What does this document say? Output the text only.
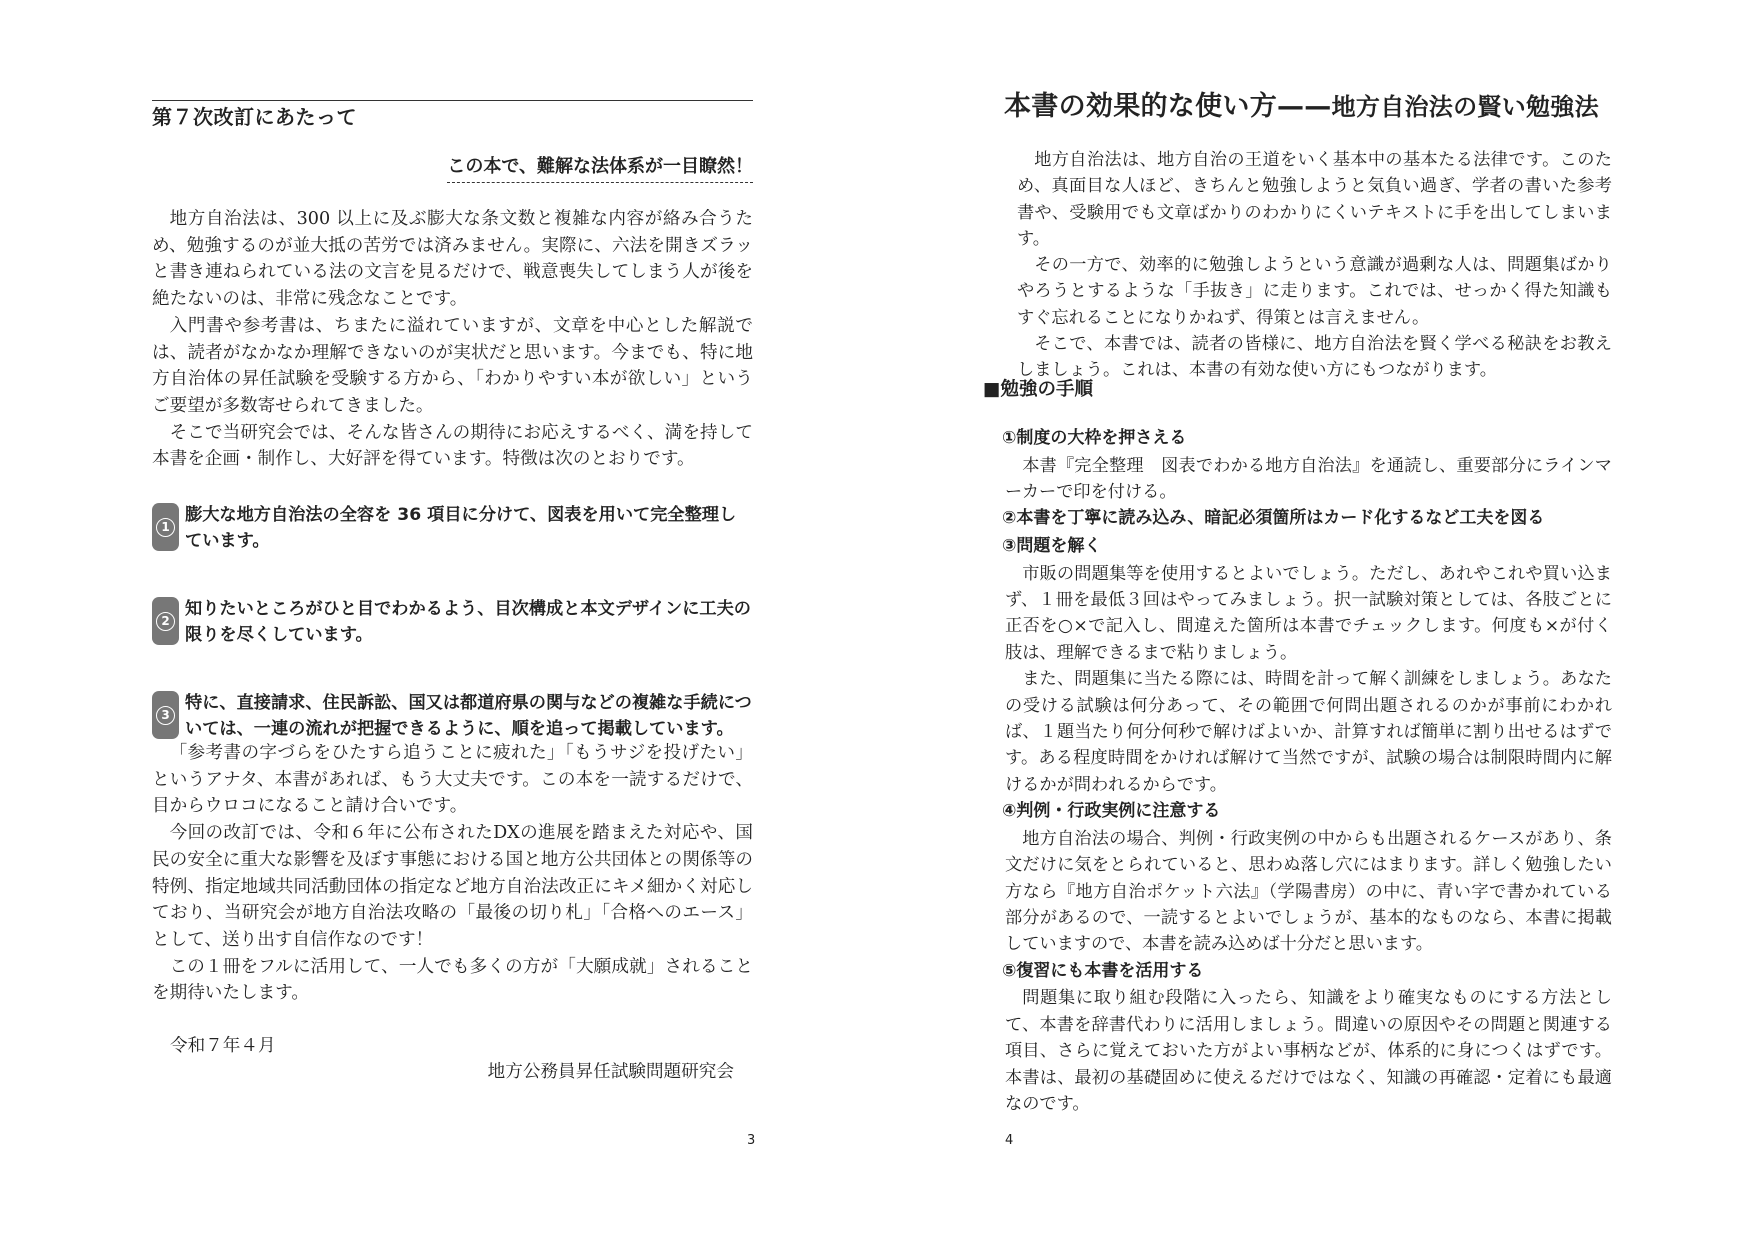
第７次改訂にあたって

この本で、難解な法体系が一目瞭然！

地方自治法は、300 以上に及ぶ膨大な条文数と複雑な内容が絡み合うため、勉強するのが並大抵の苦労では済みません。実際に、六法を開きズラッと書き連ねられている法の文言を見るだけで、戦意喪失してしまう人が後を絶たないのは、非常に残念なことです。

入門書や参考書は、ちまたに溢れていますが、文章を中心とした解説では、読者がなかなか理解できないのが実状だと思います。今までも、特に地方自治体の昇任試験を受験する方から、「わかりやすい本が欲しい」というご要望が多数寄せられてきました。

そこで当研究会では、そんな皆さんの期待にお応えするべく、満を持して本書を企画・制作し、大好評を得ています。特徴は次のとおりです。

1
膨大な地方自治法の全容を 36 項目に分けて、図表を用いて完全整理しています。
2
知りたいところがひと目でわかるよう、目次構成と本文デザインに工夫の限りを尽くしています。
3
特に、直接請求、住民訴訟、国又は都道府県の関与などの複雑な手続については、一連の流れが把握できるように、順を追って掲載しています。

「参考書の字づらをひたすら追うことに疲れた」「もうサジを投げたい」というアナタ、本書があれば、もう大丈夫です。この本を一読するだけで、目からウロコになること請け合いです。

今回の改訂では、令和６年に公布されたDXの進展を踏まえた対応や、国民の安全に重大な影響を及ぼす事態における国と地方公共団体との関係等の特例、指定地域共同活動団体の指定など地方自治法改正にキメ細かく対応しており、当研究会が地方自治法攻略の「最後の切り札」「合格へのエース」として、送り出す自信作なのです！

この１冊をフルに活用して、一人でも多くの方が「大願成就」されることを期待いたします。

令和７年４月

地方公務員昇任試験問題研究会

3
本書の効果的な使い方——地方自治法の賢い勉強法

地方自治法は、地方自治の王道をいく基本中の基本たる法律です。このため、真面目な人ほど、きちんと勉強しようと気負い過ぎ、学者の書いた参考書や、受験用でも文章ばかりのわかりにくいテキストに手を出してしまいます。

その一方で、効率的に勉強しようという意識が過剰な人は、問題集ばかりやろうとするような「手抜き」に走ります。これでは、せっかく得た知識もすぐ忘れることになりかねず、得策とは言えません。

そこで、本書では、読者の皆様に、地方自治法を賢く学べる秘訣をお教えしましょう。これは、本書の有効な使い方にもつながります。

■勉強の手順
①制度の大枠を押さえる

本書『完全整理　図表でわかる地方自治法』を通読し、重要部分にラインマーカーで印を付ける。

②本書を丁寧に読み込み、暗記必須箇所はカード化するなど工夫を図る
③問題を解く

市販の問題集等を使用するとよいでしょう。ただし、あれやこれや買い込まず、１冊を最低３回はやってみましょう。択一試験対策としては、各肢ごとに正否を○×で記入し、間違えた箇所は本書でチェックします。何度も×が付く肢は、理解できるまで粘りましょう。

また、問題集に当たる際には、時間を計って解く訓練をしましょう。あなたの受ける試験は何分あって、その範囲で何問出題されるのかが事前にわかれば、１題当たり何分何秒で解けばよいか、計算すれば簡単に割り出せるはずです。ある程度時間をかければ解けて当然ですが、試験の場合は制限時間内に解けるかが問われるからです。

④判例・行政実例に注意する

地方自治法の場合、判例・行政実例の中からも出題されるケースがあり、条文だけに気をとられていると、思わぬ落し穴にはまります。詳しく勉強したい方なら『地方自治ポケット六法』（学陽書房）の中に、青い字で書かれている部分があるので、一読するとよいでしょうが、基本的なものなら、本書に掲載していますので、本書を読み込めば十分だと思います。

⑤復習にも本書を活用する

問題集に取り組む段階に入ったら、知識をより確実なものにする方法として、本書を辞書代わりに活用しましょう。間違いの原因やその問題と関連する項目、さらに覚えておいた方がよい事柄などが、体系的に身につくはずです。本書は、最初の基礎固めに使えるだけではなく、知識の再確認・定着にも最適なのです。

4
